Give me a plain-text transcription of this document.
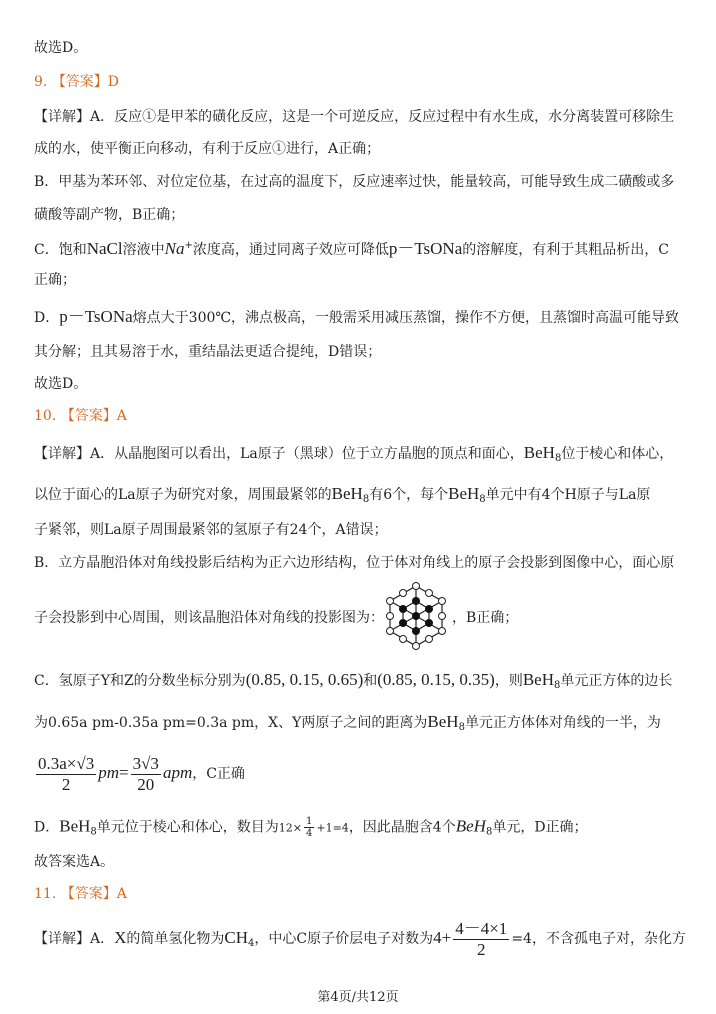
故选D。
9. 【答案】D
【详解】A．反应①是甲苯的磺化反应，这是一个可逆反应，反应过程中有水生成，水分离装置可移除生
成的水，使平衡正向移动，有利于反应①进行，A正确；
B．甲基为苯环邻、对位定位基，在过高的温度下，反应速率过快，能量较高，可能导致生成二磺酸或多
磺酸等副产物，B正确；
C．饱和NaCl溶液中Na+浓度高，通过同离子效应可降低p－TsONa的溶解度，有利于其粗品析出，C
正确；
D．p－TsONa熔点大于300℃，沸点极高，一般需采用减压蒸馏，操作不方便，且蒸馏时高温可能导致
其分解；且其易溶于水，重结晶法更适合提纯，D错误；
故选D。
10. 【答案】A
【详解】A．从晶胞图可以看出，La原子（黑球）位于立方晶胞的顶点和面心，BeH$_8$位于棱心和体心，
以位于面心的La原子为研究对象，周围最紧邻的BeH$_8$有6个，每个BeH$_8$单元中有4个H原子与La原
子紧邻，则La原子周围最紧邻的氢原子有24个，A错误；
B．立方晶胞沿体对角线投影后结构为正六边形结构，位于体对角线上的原子会投影到图像中心，面心原
子会投影到中心周围，则该晶胞沿体对角线的投影图为：	，B正确；
C．氢原子Y和Z的分数坐标分别为(0.85, 0.15, 0.65)和(0.85, 0.15, 0.35)，则BeH$_8$单元正方体的边长
为0.65a pm-0.35a pm=0.3a pm，X、Y两原子之间的距离为BeH$_8$单元正方体体对角线的一半，为
$\frac{0.3a\times√3}{2} pm= \frac{3√3}{20}$ apm，C正确
D．BeH$_8$单元位于棱心和体心，数目为$12\times \frac{1}{4} +1=4$，因此晶胞含4个BeH$_8$单元，D正确；
故答案选A。
11. 【答案】A
【详解】A．X的简单氢化物为$CH_4$，中心C原子价层电子对数为$4+ \frac{4-4\times 1}{2} =4$，不含孤电子对，杂化方
第4页/共12页
